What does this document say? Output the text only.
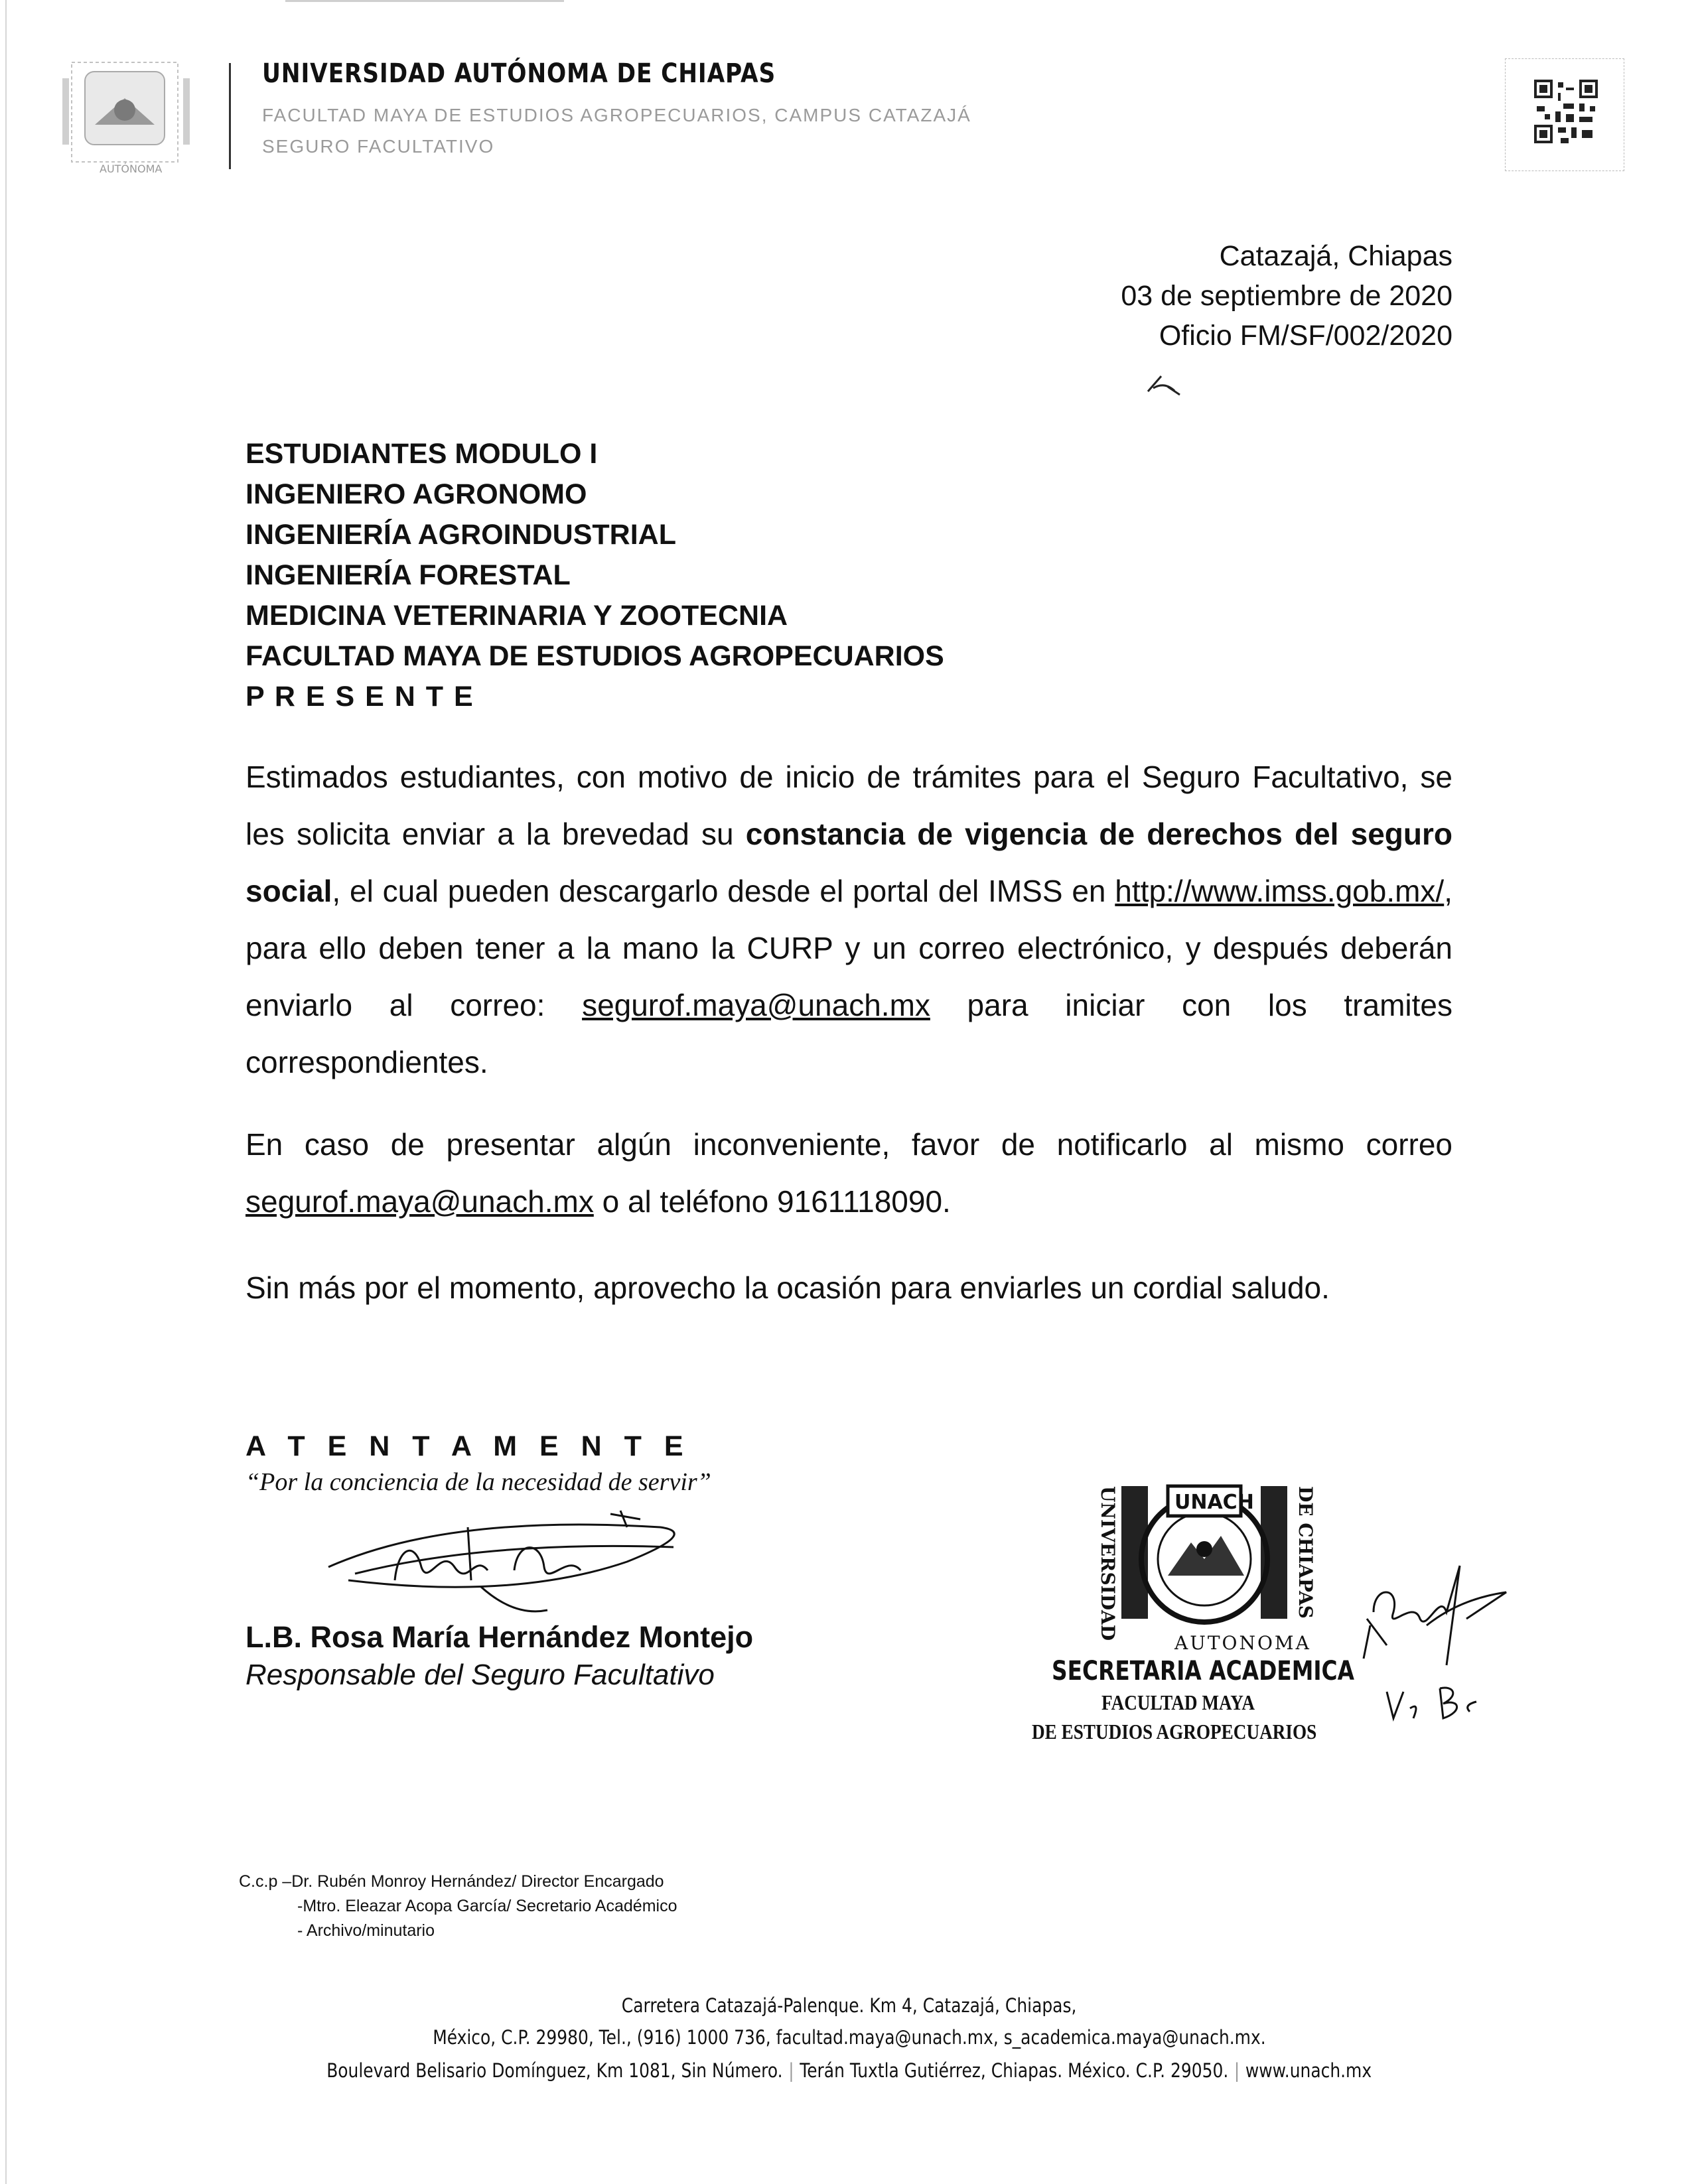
AUTÓNOMA
UNIVERSIDAD AUTÓNOMA DE CHIAPAS
FACULTAD MAYA DE ESTUDIOS AGROPECUARIOS, CAMPUS CATAZAJÁ
SEGURO FACULTATIVO
Catazajá, Chiapas
03 de septiembre de 2020
Oficio FM/SF/002/2020
ESTUDIANTES MODULO I
INGENIERO AGRONOMO
INGENIERÍA AGROINDUSTRIAL
INGENIERÍA FORESTAL
MEDICINA VETERINARIA Y ZOOTECNIA
FACULTAD MAYA DE ESTUDIOS AGROPECUARIOS
P R E S E N T E
Estimados estudiantes, con motivo de inicio de trámites para el Seguro Facultativo, se les solicita enviar a la brevedad su constancia de vigencia de derechos del seguro social, el cual pueden descargarlo desde el portal del IMSS en http://www.imss.gob.mx/, para ello deben tener a la mano la CURP y un correo electrónico, y después deberán enviarlo al correo: segurof.maya@unach.mx para iniciar con los tramites correspondientes.
En caso de presentar algún inconveniente, favor de notificarlo al mismo correo segurof.maya@unach.mx o al teléfono 9161118090.
Sin más por el momento, aprovecho la ocasión para enviarles un cordial saludo.
A T E N T A M E N T E
“Por la conciencia de la necesidad de servir”
L.B. Rosa María Hernández Montejo
Responsable del Seguro Facultativo
UNIVERSIDAD	DE CHIAPAS
UNACH
AUTONOMA
SECRETARIA ACADEMICA
FACULTAD MAYA
DE ESTUDIOS AGROPECUARIOS
C.c.p –Dr. Rubén Monroy Hernández/ Director Encargado
-Mtro. Eleazar Acopa García/ Secretario Académico
- Archivo/minutario
Carretera Catazajá-Palenque. Km 4, Catazajá, Chiapas,
México, C.P. 29980, Tel., (916) 1000 736, facultad.maya@unach.mx, s_academica.maya@unach.mx.
Boulevard Belisario Domínguez, Km 1081, Sin Número. | Terán Tuxtla Gutiérrez, Chiapas. México. C.P. 29050. | www.unach.mx
